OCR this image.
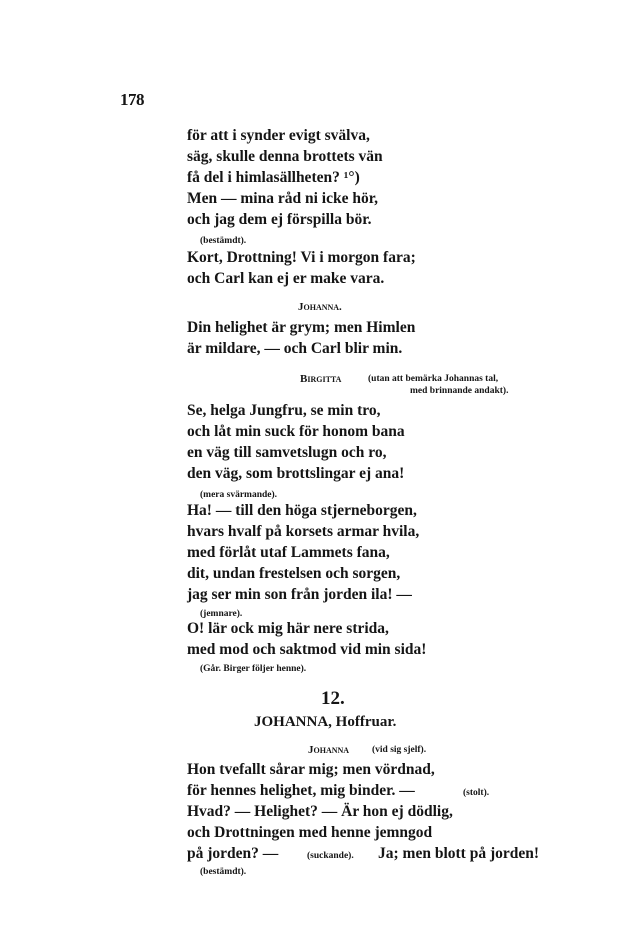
178
för att i synder evigt svälva,
säg, skulle denna brottets vän
få del i himlasällheten? ¹°)
Men — mina råd ni icke hör,
och jag dem ej förspilla bör.
(bestämdt).
Kort, Drottning! Vi i morgon fara;
och Carl kan ej er make vara.
Johanna.
Din helighet är grym; men Himlen
är mildare, — och Carl blir min.
Birgitta	(utan att bemärka Johannas tal,
med brinnande andakt).
Se, helga Jungfru, se min tro,
och låt min suck för honom bana
en väg till samvetslugn och ro,
den väg, som brottslingar ej ana!
(mera svärmande).
Ha! — till den höga stjerneborgen,
hvars hvalf på korsets armar hvila,
med förlåt utaf Lammets fana,
dit, undan frestelsen och sorgen,
jag ser min son från jorden ila! —
(jemnare).
O! lär ock mig här nere strida,
med mod och saktmod vid min sida!
(Går. Birger följer henne).
12.
JOHANNA, Hoffruar.
Johanna (vid sig sjelf).
Hon tvefallt sårar mig; men vördnad,
för hennes helighet, mig binder. —	(stolt).
Hvad? — Helighet? — Är hon ej dödlig,
och Drottningen med henne jemngod
på jorden? —	(suckande). Ja; men blott på jorden!
(bestämdt).
